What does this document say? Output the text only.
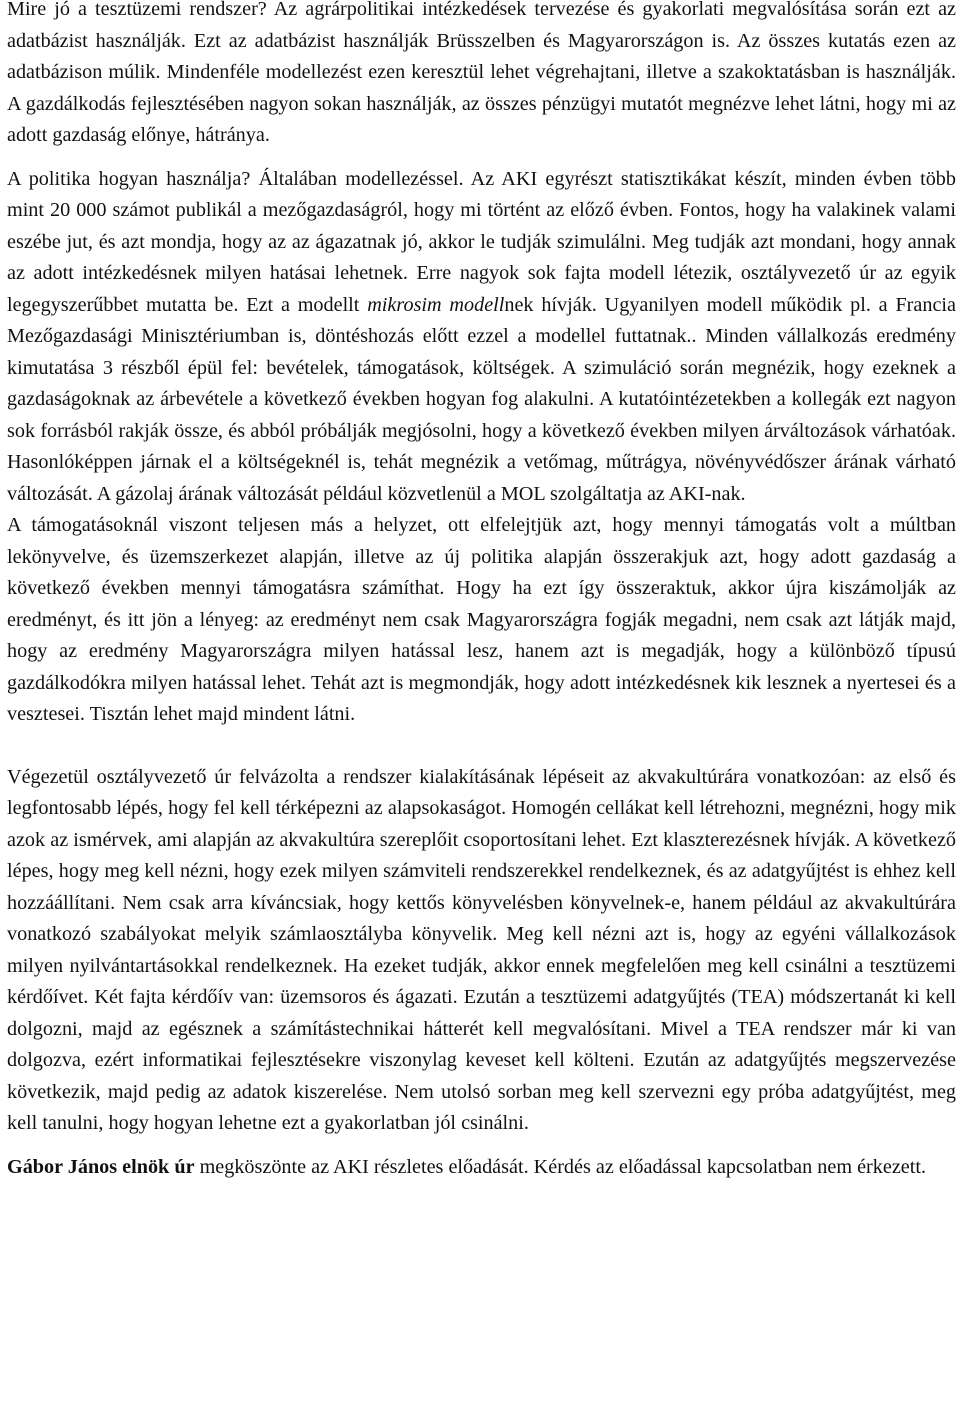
Mire jó a tesztüzemi rendszer? Az agrárpolitikai intézkedések tervezése és gyakorlati megvalósítása során ezt az adatbázist használják. Ezt az adatbázist használják Brüsszelben és Magyarországon is. Az összes kutatás ezen az adatbázison múlik. Mindenféle modellezést ezen keresztül lehet végrehajtani, illetve a szakoktatásban is használják. A gazdálkodás fejlesztésében nagyon sokan használják, az összes pénzügyi mutatót megnézve lehet látni, hogy mi az adott gazdaság előnye, hátránya.

A politika hogyan használja? Általában modellezéssel. Az AKI egyrészt statisztikákat készít, minden évben több mint 20 000 számot publikál a mezőgazdaságról, hogy mi történt az előző évben. Fontos, hogy ha valakinek valami eszébe jut, és azt mondja, hogy az az ágazatnak jó, akkor le tudják szimulálni. Meg tudják azt mondani, hogy annak az adott intézkedésnek milyen hatásai lehetnek. Erre nagyok sok fajta modell létezik, osztályvezető úr az egyik legegyszerűbbet mutatta be. Ezt a modellt mikrosim modellnek hívják. Ugyanilyen modell működik pl. a Francia Mezőgazdasági Minisztériumban is, döntéshozás előtt ezzel a modellel futtatnak.. Minden vállalkozás eredmény kimutatása 3 részből épül fel: bevételek, támogatások, költségek. A szimuláció során megnézik, hogy ezeknek a gazdaságoknak az árbevétele a következő években hogyan fog alakulni. A kutatóintézetekben a kollegák ezt nagyon sok forrásból rakják össze, és abból próbálják megjósolni, hogy a következő években milyen árváltozások várhatóak. Hasonlóképpen járnak el a költségeknél is, tehát megnézik a vetőmag, műtrágya, növényvédőszer árának várható változását. A gázolaj árának változását például közvetlenül a MOL szolgáltatja az AKI-nak.

A támogatásoknál viszont teljesen más a helyzet, ott elfelejtjük azt, hogy mennyi támogatás volt a múltban lekönyvelve, és üzemszerkezet alapján, illetve az új politika alapján összerakjuk azt, hogy adott gazdaság a következő években mennyi támogatásra számíthat. Hogy ha ezt így összeraktuk, akkor újra kiszámolják az eredményt, és itt jön a lényeg: az eredményt nem csak Magyarországra fogják megadni, nem csak azt látják majd, hogy az eredmény Magyarországra milyen hatással lesz, hanem azt is megadják, hogy a különböző típusú gazdálkodókra milyen hatással lehet. Tehát azt is megmondják, hogy adott intézkedésnek kik lesznek a nyertesei és a vesztesei. Tisztán lehet majd mindent látni.

Végezetül osztályvezető úr felvázolta a rendszer kialakításának lépéseit az akvakultúrára vonatkozóan: az első és legfontosabb lépés, hogy fel kell térképezni az alapsokaságot. Homogén cellákat kell létrehozni, megnézni, hogy mik azok az ismérvek, ami alapján az akvakultúra szereplőit csoportosítani lehet. Ezt klaszterezésnek hívják. A következő lépes, hogy meg kell nézni, hogy ezek milyen számviteli rendszerekkel rendelkeznek, és az adatgyűjtést is ehhez kell hozzáállítani. Nem csak arra kíváncsiak, hogy kettős könyvelésben könyvelnek-e, hanem például az akvakultúrára vonatkozó szabályokat melyik számlaosztályba könyvelik. Meg kell nézni azt is, hogy az egyéni vállalkozások milyen nyilvántartásokkal rendelkeznek. Ha ezeket tudják, akkor ennek megfelelően meg kell csinálni a tesztüzemi kérdőívet. Két fajta kérdőív van: üzemsoros és ágazati. Ezután a tesztüzemi adatgyűjtés (TEA) módszertanát ki kell dolgozni, majd az egésznek a számítástechnikai hátterét kell megvalósítani. Mivel a TEA rendszer már ki van dolgozva, ezért informatikai fejlesztésekre viszonylag keveset kell költeni. Ezután az adatgyűjtés megszervezése következik, majd pedig az adatok kiszerelése. Nem utolsó sorban meg kell szervezni egy próba adatgyűjtést, meg kell tanulni, hogy hogyan lehetne ezt a gyakorlatban jól csinálni.

Gábor János elnök úr megköszönte az AKI részletes előadását. Kérdés az előadással kapcsolatban nem érkezett.
